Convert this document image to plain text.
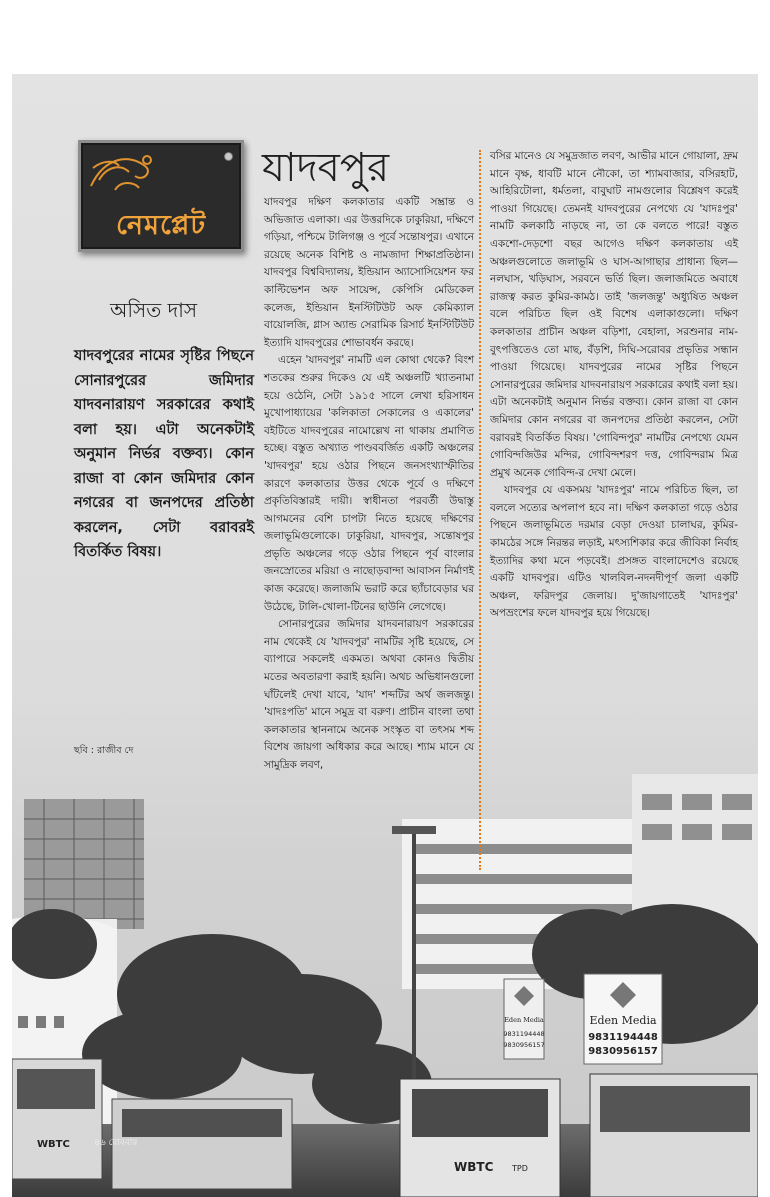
Eden Media
9831194448
9830956157
Eden Media
9831194448
9830956157
WBTC
WBTC TPD
নেমপ্লেট
অসিত দাস
যাদবপুরের নামের সৃষ্টির পিছনে সোনারপুরের জমিদার যাদবনারায়ণ সরকারের কথাই বলা হয়। এটা অনেকটাই অনুমান নির্ভর বক্তব্য। কোন রাজা বা কোন জমিদার কোন নগরের বা জনপদের প্রতিষ্ঠা করলেন, সেটা বরাবরই বিতর্কিত বিষয়।
যাদবপুর

যাদবপুর দক্ষিণ কলকাতার একটি সম্ভ্রান্ত ও অভিজাত এলাকা। এর উত্তরদিকে ঢাকুরিয়া, দক্ষিণে গড়িয়া, পশ্চিমে টালিগঞ্জ ও পূর্বে সন্তোষপুর। এখানে রয়েছে অনেক বিশিষ্ট ও নামজাদা শিক্ষাপ্রতিষ্ঠান। যাদবপুর বিশ্ববিদ্যালয়, ইন্ডিয়ান অ্যাসোসিয়েশন ফর কাল্টিভেশন অফ সায়েন্স, কেপিসি মেডিকেল কলেজ, ইন্ডিয়ান ইনস্টিটিউট অফ কেমিক্যাল বায়োলজি, গ্লাস অ্যান্ড সেরামিক রিসার্চ ইনস্টিটিউট ইত্যাদি যাদবপুরের শোভাবর্ধন করছে।

এহেন 'যাদবপুর' নামটি এল কোথা থেকে? বিংশ শতকের শুরুর দিকেও যে এই অঞ্চলটি খ্যাতনামা হয়ে ওঠেনি, সেটা ১৯১৫ সালে লেখা হরিসাধন মুখোপাধ্যায়ের 'কলিকাতা সেকালের ও একালের' বইটিতে যাদবপুরের নামোল্লেখ না থাকায় প্রমাণিত হচ্ছে। বস্তুত অখ্যাত পাণ্ডববর্জিত একটি অঞ্চলের 'যাদবপুর' হয়ে ওঠার পিছনে জনসংখ্যাস্ফীতির কারণে কলকাতার উত্তর থেকে পূর্বে ও দক্ষিণে প্রকৃতিবিস্তারই দায়ী। স্বাধীনতা পরবর্তী উদ্বাস্তু আগমনের বেশি চাপটা নিতে হয়েছে দক্ষিণের জলাভূমিগুলোকে। ঢাকুরিয়া, যাদবপুর, সন্তোষপুর প্রভৃতি অঞ্চলের গড়ে ওঠার পিছনে পূর্ব বাংলার জনস্রোতের মরিয়া ও নাছোড়বান্দা আবাসন নির্মাণই কাজ করেছে। জলাজমি ভরাট করে ছ্যাঁচাবেড়ার ঘর উঠেছে, টালি-খোলা-টিনের ছাউনি লেগেছে।

সোনারপুরের জমিদার যাদবনারায়ণ সরকারের নাম থেকেই যে 'যাদবপুর' নামটির সৃষ্টি হয়েছে, সে ব্যাপারে সকলেই একমত। অথবা কোনও দ্বিতীয় মতের অবতারণা করাই হয়নি। অথচ অভিধানগুলো ঘাঁটলেই দেখা যাবে, 'যাদ' শব্দটির অর্থ জলজন্তু। 'যাদঃপতি' মানে সমুদ্র বা বরুণ। প্রাচীন বাংলা তথা কলকাতার স্থাননামে অনেক সংস্কৃত বা তৎসম শব্দ বিশেষ জায়গা অধিকার করে আছে। শ্যাম মানে যে সামুদ্রিক লবণ,

বসির মানেও যে সমুদ্রজাত লবণ, আভীর মানে গোয়ালা, দ্রুম মানে বৃক্ষ, ধাবটি মানে নৌকো, তা শ্যামবাজার, বসিরহাট, আহিরিটোলা, ধর্মতলা, বাবুঘাট নামগুলোর বিশ্লেষণ করেই পাওয়া গিয়েছে। তেমনই যাদবপুরের নেপথ্যে যে 'যাদঃপুর' নামটি কলকাঠি নাড়ছে না, তা কে বলতে পারে! বস্তুত একশো-দেড়শো বছর আগেও দক্ষিণ কলকাতায় এই অঞ্চলগুলোতে জলাভূমি ও ঘাস-আগাছার প্রাধান্য ছিল— নলঘাস, খড়িঘাস, সরবনে ভর্তি ছিল। জলাজমিতে অবাধে রাজত্ব করত কুমির-কামঠ। তাই 'জলজন্তু' অধ্যুষিত অঞ্চল বলে পরিচিত ছিল ওই বিশেষ এলাকাগুলো। দক্ষিণ কলকাতার প্রাচীন অঞ্চল বড়িশা, বেহালা, সরশুনার নাম-বুৎপত্তিতেও তো মাছ, বঁড়শি, দিঘি-সরোবর প্রভৃতির সন্ধান পাওয়া গিয়েছে। যাদবপুরের নামের সৃষ্টির পিছনে সোনারপুরের জমিদার যাদবনারায়ণ সরকারের কথাই বলা হয়। এটা অনেকটাই অনুমান নির্ভর বক্তব্য। কোন রাজা বা কোন জমিদার কোন নগরের বা জনপদের প্রতিষ্ঠা করলেন, সেটা বরাবরই বিতর্কিত বিষয়। 'গোবিন্দপুর' নামটির নেপথ্যে যেমন গোবিন্দজিউর মন্দির, গোবিন্দশরণ দত্ত, গোবিন্দরাম মিত্র প্রমুখ অনেক গোবিন্দ-র দেখা মেলে।

যাদবপুর যে একসময় 'যাদঃপুর' নামে পরিচিত ছিল, তা বললে সত্যের অপলাপ হবে না। দক্ষিণ কলকাতা গড়ে ওঠার পিছনে জলাভূমিতে দরমার বেড়া দেওয়া চালাঘর, কুমির-কামঠের সঙ্গে নিরন্তর লড়াই, মৎস্যশিকার করে জীবিকা নির্বাহ ইত্যাদির কথা মনে পড়বেই। প্রসঙ্গত বাংলাদেশেও রয়েছে একটি যাদবপুর। এটিও খালবিল-নদনদীপূর্ণ জলা একটি অঞ্চল, ফরিদপুর জেলায়। দু'জায়গাতেই 'যাদঃপুর' অপভ্রংশের ফলে যাদবপুর হয়ে গিয়েছে।

ছবি : রাজীব দে
৪৬ রোববার
